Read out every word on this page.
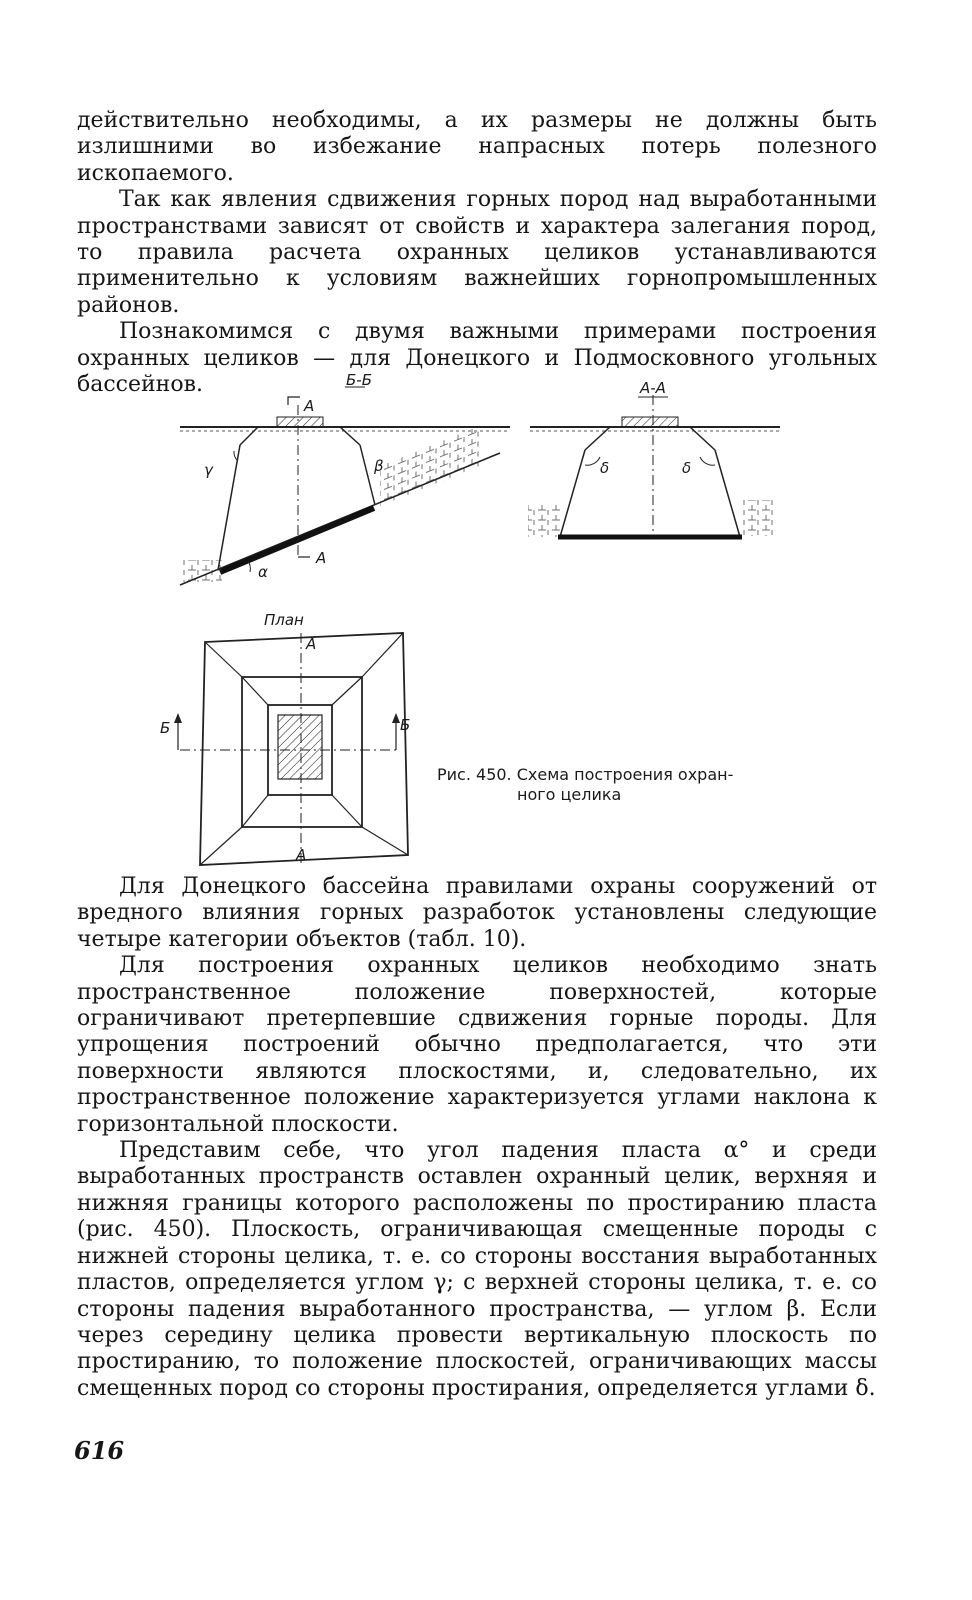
действительно необходимы, а их размеры не должны быть излишними во избежание напрасных потерь полезного ископаемого.

Так как явления сдвижения горных пород над выработанными пространствами зависят от свойств и характера залегания пород, то правила расчета охранных целиков устанавливаются применительно к условиям важнейших горнопромышленных районов.

Познакомимся с двумя важными примерами построения охранных целиков — для Донецкого и Подмосковного угольных бассейнов.	Б-Б
А
А
γ	β
α
А-А
δ	δ
План
А
А
Б	Б
Рис. 450. Схема построения охран-
ного целика

Для Донецкого бассейна правилами охраны сооружений от вредного влияния горных разработок установлены следующие четыре категории объектов (табл. 10).

Для построения охранных целиков необходимо знать пространственное положение поверхностей, которые ограничивают претерпевшие сдвижения горные породы. Для упрощения построений обычно предполагается, что эти поверхности являются плоскостями, и, следовательно, их пространственное положение характеризуется углами наклона к горизонтальной плоскости.

Представим себе, что угол падения пласта α° и среди выработанных пространств оставлен охранный целик, верхняя и нижняя границы которого расположены по простиранию пласта (рис. 450). Плоскость, ограничивающая смещенные породы с нижней стороны целика, т. е. со стороны восстания выработанных пластов, определяется углом γ; с верхней стороны целика, т. е. со стороны падения выработанного пространства, — углом β. Если через середину целика провести вертикальную плоскость по простиранию, то положение плоскостей, ограничивающих массы смещенных пород со стороны простирания, определяется углами δ.

616
